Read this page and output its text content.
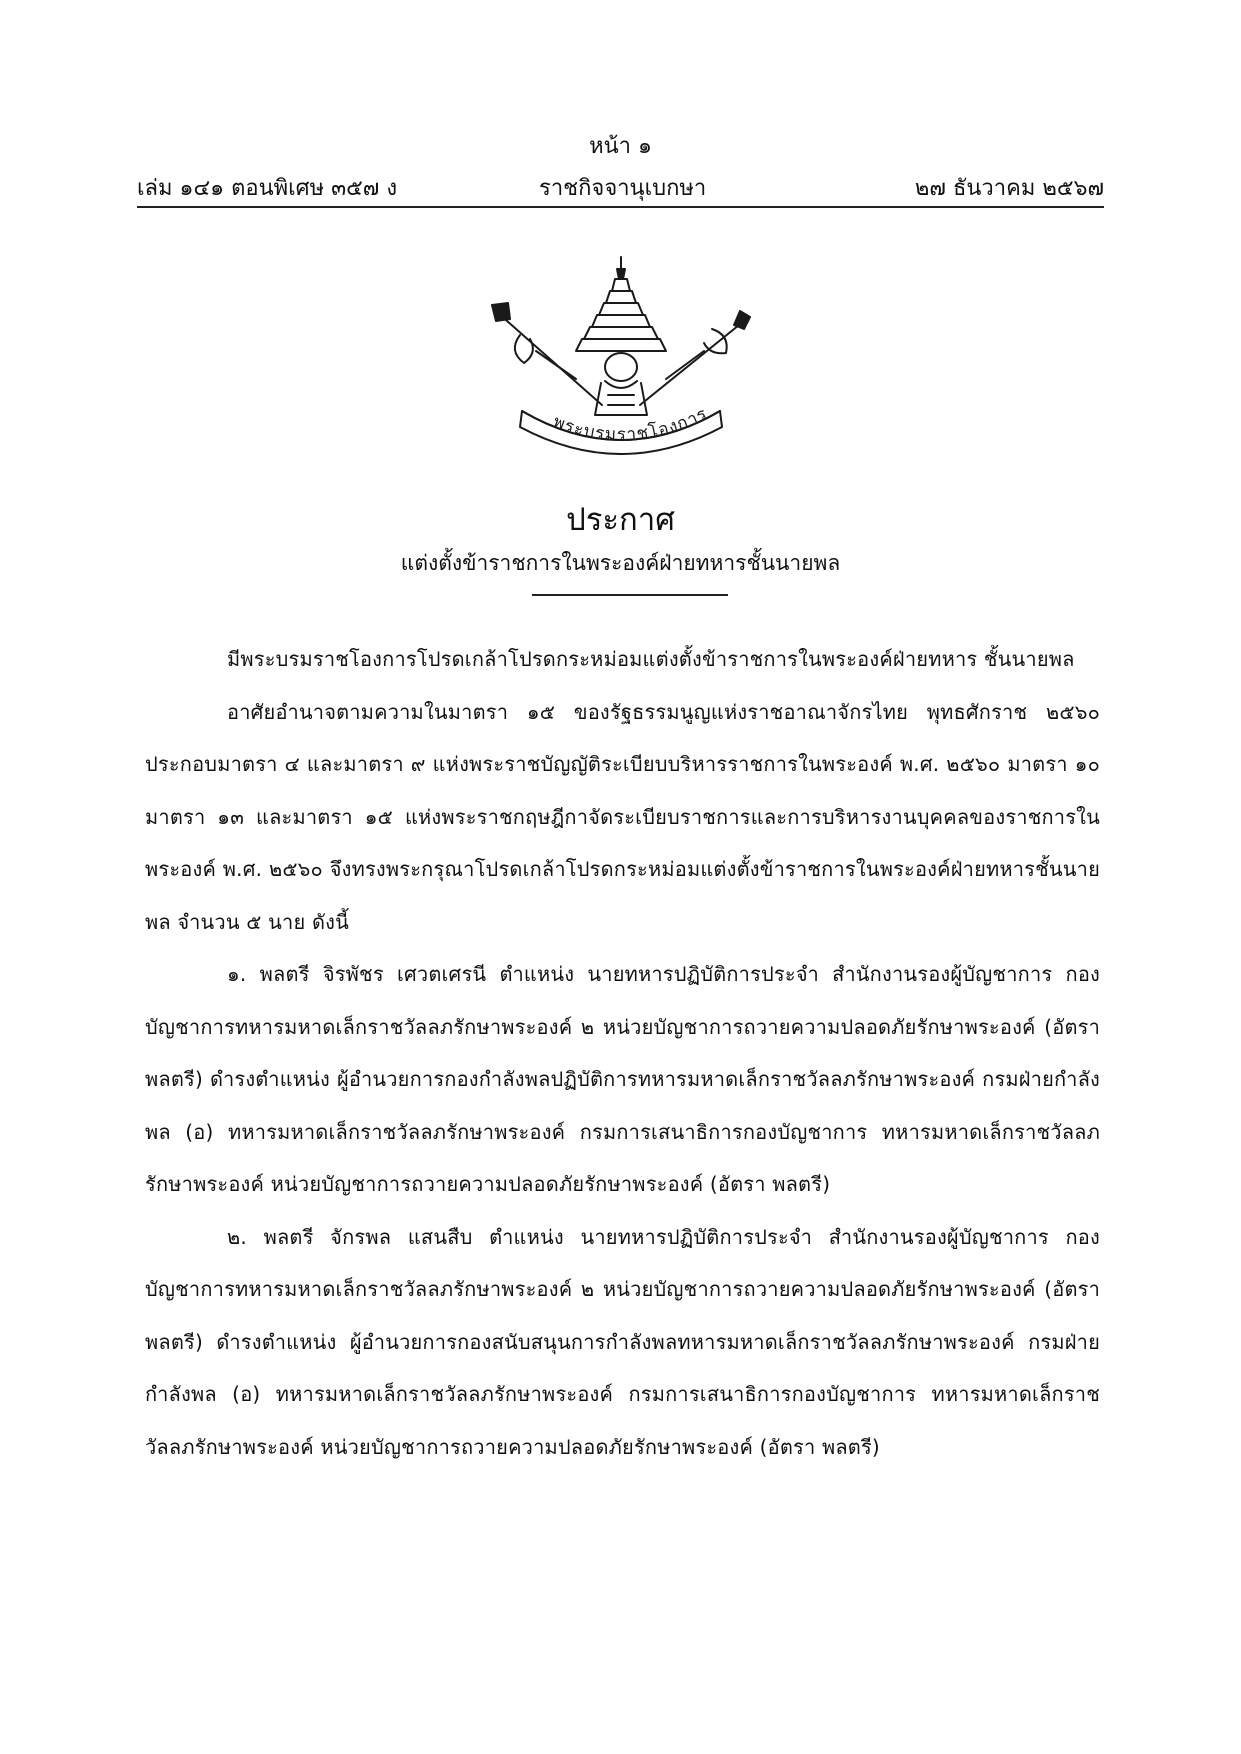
หน้า ๑
เล่ม ๑๔๑ ตอนพิเศษ ๓๕๗ ง	ราชกิจจานุเบกษา	๒๗ ธันวาคม ๒๕๖๗
พระบรมราชโองการ
ประกาศ
แต่งตั้งข้าราชการในพระองค์ฝ่ายทหารชั้นนายพล

มีพระบรมราชโองการโปรดเกล้าโปรดกระหม่อมแต่งตั้งข้าราชการในพระองค์ฝ่ายทหาร ชั้นนายพล

อาศัยอำนาจตามความในมาตรา ๑๕ ของรัฐธรรมนูญแห่งราชอาณาจักรไทย พุทธศักราช ๒๕๖๐ ประกอบมาตรา ๔ และมาตรา ๙ แห่งพระราชบัญญัติระเบียบบริหารราชการในพระองค์ พ.ศ. ๒๕๖๐ มาตรา ๑๐ มาตรา ๑๓ และมาตรา ๑๕ แห่งพระราชกฤษฎีกาจัดระเบียบราชการและการบริหารงานบุคคลของราชการในพระองค์ พ.ศ. ๒๕๖๐ จึงทรงพระกรุณาโปรดเกล้าโปรดกระหม่อมแต่งตั้งข้าราชการในพระองค์ฝ่ายทหารชั้นนายพล จำนวน ๕ นาย ดังนี้

๑. พลตรี จิรพัชร เศวตเศรนี ตำแหน่ง นายทหารปฏิบัติการประจำ สำนักงานรองผู้บัญชาการ กองบัญชาการทหารมหาดเล็กราชวัลลภรักษาพระองค์ ๒ หน่วยบัญชาการถวายความปลอดภัยรักษาพระองค์ (อัตรา พลตรี) ดำรงตำแหน่ง ผู้อำนวยการกองกำลังพลปฏิบัติการทหารมหาดเล็กราชวัลลภรักษาพระองค์ กรมฝ่ายกำลังพล (อ) ทหารมหาดเล็กราชวัลลภรักษาพระองค์ กรมการเสนาธิการกองบัญชาการ ทหารมหาดเล็กราชวัลลภรักษาพระองค์ หน่วยบัญชาการถวายความปลอดภัยรักษาพระองค์ (อัตรา พลตรี)

๒. พลตรี จักรพล แสนสืบ ตำแหน่ง นายทหารปฏิบัติการประจำ สำนักงานรองผู้บัญชาการ กองบัญชาการทหารมหาดเล็กราชวัลลภรักษาพระองค์ ๒ หน่วยบัญชาการถวายความปลอดภัยรักษาพระองค์ (อัตรา พลตรี) ดำรงตำแหน่ง ผู้อำนวยการกองสนับสนุนการกำลังพลทหารมหาดเล็กราชวัลลภรักษาพระองค์ กรมฝ่ายกำลังพล (อ) ทหารมหาดเล็กราชวัลลภรักษาพระองค์ กรมการเสนาธิการกองบัญชาการ ทหารมหาดเล็กราชวัลลภรักษาพระองค์ หน่วยบัญชาการถวายความปลอดภัยรักษาพระองค์ (อัตรา พลตรี)
